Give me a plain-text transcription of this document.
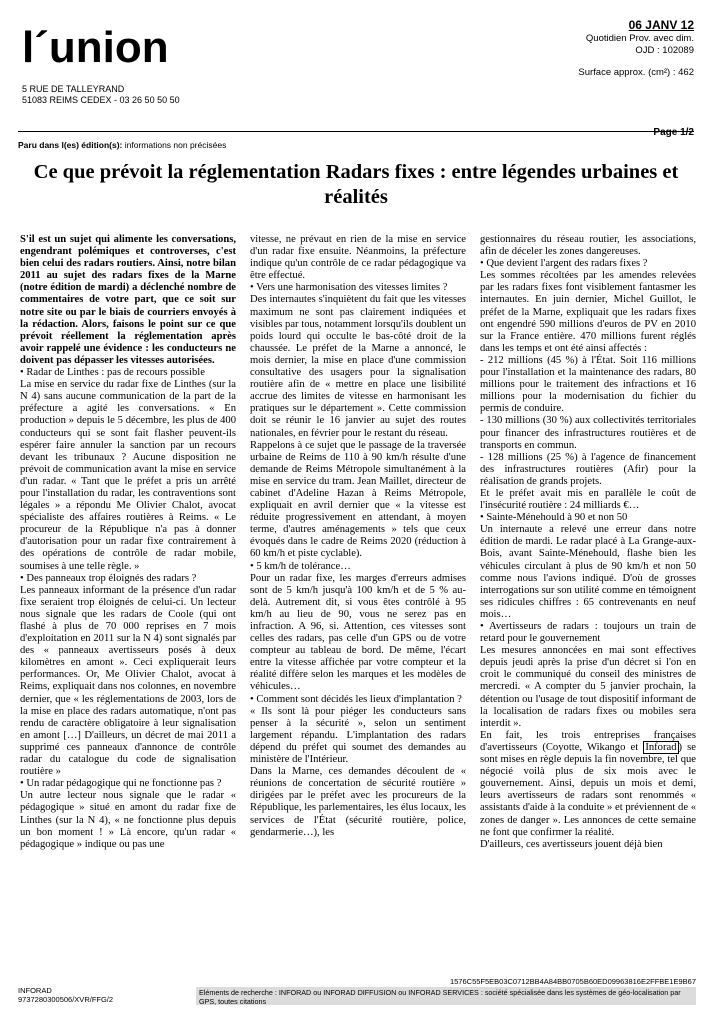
l´union
5 RUE DE TALLEYRAND
51083 REIMS CEDEX - 03 26 50 50 50
06 JANV 12
Quotidien Prov. avec dim.
OJD : 102089
Surface approx. (cm²) : 462
Page 1/2
Paru dans l(es) édition(s): informations non précisées
Ce que prévoit la réglementation Radars fixes : entre légendes urbaines et réalités

S'il est un sujet qui alimente les conversations, engendrant polémiques et controverses, c'est bien celui des radars routiers. Ainsi, notre bilan 2011 au sujet des radars fixes de la Marne (notre édition de mardi) a déclenché nombre de commentaires de votre part, que ce soit sur notre site ou par le biais de courriers envoyés à la rédaction. Alors, faisons le point sur ce que prévoit réellement la réglementation après avoir rappelé une évidence : les conducteurs ne doivent pas dépasser les vitesses autorisées.

• Radar de Linthes : pas de recours possible

La mise en service du radar fixe de Linthes (sur la N 4) sans aucune communication de la part de la préfecture a agité les conversations. « En production » depuis le 5 décembre, les plus de 400 conducteurs qui se sont fait flasher peuvent-ils espérer faire annuler la sanction par un recours devant les tribunaux ? Aucune disposition ne prévoit de communication avant la mise en service d'un radar. « Tant que le préfet a pris un arrêté pour l'installation du radar, les contraventions sont légales » a répondu Me Olivier Chalot, avocat spécialiste des affaires routières à Reims. « Le procureur de la République n'a pas à donner d'autorisation pour un radar fixe contrairement à des opérations de contrôle de radar mobile, soumises à une telle règle. »

• Des panneaux trop éloignés des radars ?

Les panneaux informant de la présence d'un radar fixe seraient trop éloignés de celui-ci. Un lecteur nous signale que les radars de Coole (qui ont flashé à plus de 70 000 reprises en 7 mois d'exploitation en 2011 sur la N 4) sont signalés par des « panneaux avertisseurs posés à deux kilomètres en amont ». Ceci expliquerait leurs performances. Or, Me Olivier Chalot, avocat à Reims, expliquait dans nos colonnes, en novembre dernier, que « les réglementations de 2003, lors de la mise en place des radars automatique, n'ont pas rendu de caractère obligatoire à leur signalisation en amont […] D'ailleurs, un décret de mai 2011 a supprimé ces panneaux d'annonce de contrôle radar du catalogue du code de signalisation routière »

• Un radar pédagogique qui ne fonctionne pas ?

Un autre lecteur nous signale que le radar « pédagogique » situé en amont du radar fixe de Linthes (sur la N 4), « ne fonctionne plus depuis un bon moment ! » Là encore, qu'un radar « pédagogique » indique ou pas une

vitesse, ne prévaut en rien de la mise en service d'un radar fixe ensuite. Néanmoins, la préfecture indique qu'un contrôle de ce radar pédagogique va être effectué.

• Vers une harmonisation des vitesses limites ?

Des internautes s'inquiètent du fait que les vitesses maximum ne sont pas clairement indiquées et visibles par tous, notamment lorsqu'ils doublent un poids lourd qui occulte le bas-côté droit de la chaussée. Le préfet de la Marne a annoncé, le mois dernier, la mise en place d'une commission consultative des usagers pour la signalisation routière afin de « mettre en place une lisibilité accrue des limites de vitesse en harmonisant les pratiques sur le département ». Cette commission doit se réunir le 16 janvier au sujet des routes nationales, en février pour le restant du réseau.

Rappelons à ce sujet que le passage de la traversée urbaine de Reims de 110 à 90 km/h résulte d'une demande de Reims Métropole simultanément à la mise en service du tram. Jean Maillet, directeur de cabinet d'Adeline Hazan à Reims Métropole, expliquait en avril dernier que « la vitesse est réduite progressivement en attendant, à moyen terme, d'autres aménagements » tels que ceux évoqués dans le cadre de Reims 2020 (réduction à 60 km/h et piste cyclable).

• 5 km/h de tolérance…

Pour un radar fixe, les marges d'erreurs admises sont de 5 km/h jusqu'à 100 km/h et de 5 % au-delà. Autrement dit, si vous êtes contrôlé à 95 km/h au lieu de 90, vous ne serez pas en infraction. A 96, si. Attention, ces vitesses sont celles des radars, pas celle d'un GPS ou de votre compteur au tableau de bord. De même, l'écart entre la vitesse affichée par votre compteur et la réalité diffère selon les marques et les modèles de véhicules…

• Comment sont décidés les lieux d'implantation ?

« Ils sont là pour piéger les conducteurs sans penser à la sécurité », selon un sentiment largement répandu. L'implantation des radars dépend du préfet qui soumet des demandes au ministère de l'Intérieur.

Dans la Marne, ces demandes découlent de « réunions de concertation de sécurité routière » dirigées par le préfet avec les procureurs de la République, les parlementaires, les élus locaux, les services de l'État (sécurité routière, police, gendarmerie…), les

gestionnaires du réseau routier, les associations, afin de déceler les zones dangereuses.

• Que devient l'argent des radars fixes ?

Les sommes récoltées par les amendes relevées par les radars fixes font visiblement fantasmer les internautes. En juin dernier, Michel Guillot, le préfet de la Marne, expliquait que les radars fixes ont engendré 590 millions d'euros de PV en 2010 sur la France entière. 470 millions furent réglés dans les temps et ont été ainsi affectés :

- 212 millions (45 %) à l'État. Soit 116 millions pour l'installation et la maintenance des radars, 80 millions pour le traitement des infractions et 16 millions pour la modernisation du fichier du permis de conduire.

- 130 millions (30 %) aux collectivités territoriales pour financer des infrastructures routières et de transports en commun.

- 128 millions (25 %) à l'agence de financement des infrastructures routières (Afir) pour la réalisation de grands projets.

Et le préfet avait mis en parallèle le coût de l'insécurité routière : 24 milliards €…

• Sainte-Ménehould à 90 et non 50

Un internaute a relevé une erreur dans notre édition de mardi. Le radar placé à La Grange-aux-Bois, avant Sainte-Ménehould, flashe bien les véhicules circulant à plus de 90 km/h et non 50 comme nous l'avions indiqué. D'où de grosses interrogations sur son utilité comme en témoignent ses ridicules chiffres : 65 contrevenants en neuf mois…

• Avertisseurs de radars : toujours un train de retard pour le gouvernement

Les mesures annoncées en mai sont effectives depuis jeudi après la prise d'un décret si l'on en croit le communiqué du conseil des ministres de mercredi. « A compter du 5 janvier prochain, la détention ou l'usage de tout dispositif informant de la localisation de radars fixes ou mobiles sera interdit ».

En fait, les trois entreprises françaises d'avertisseurs (Coyotte, Wikango et Inforad ) se sont mises en règle depuis la fin novembre, tel que négocié voilà plus de six mois avec le gouvernement. Ainsi, depuis un mois et demi, leurs avertisseurs de radars sont renommés « assistants d'aide à la conduite » et préviennent de « zones de danger ». Les annonces de cette semaine ne font que confirmer la réalité.

D'ailleurs, ces avertisseurs jouent déjà bien

1576C55F5EB03C0712BB4A84BB0705B60ED09963816E2FFBE1E9B67
INFORAD
9737280300506/XVR/FFG/2
Eléments de recherche : INFORAD ou INFORAD DIFFUSION ou INFORAD SERVICES : société spécialisée dans les systèmes de géo-localisation par GPS, toutes citations
